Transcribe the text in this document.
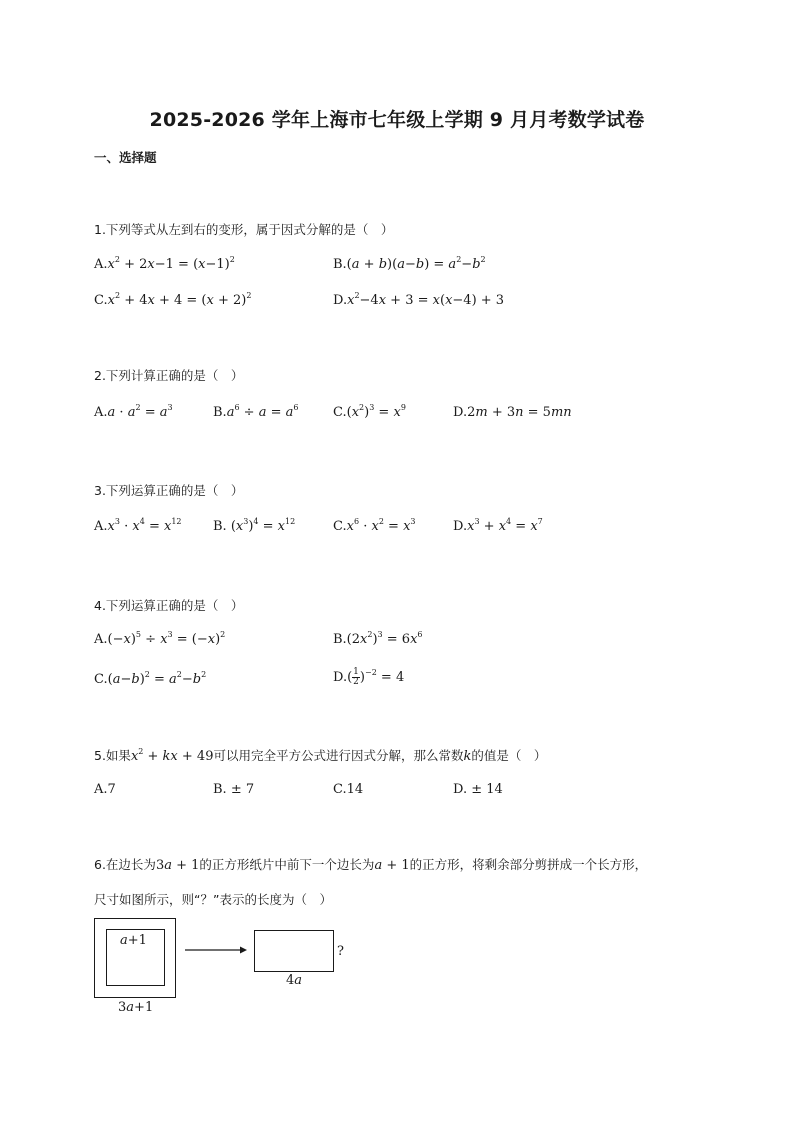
2025-2026 学年上海市七年级上学期 9 月月考数学试卷
一、选择题
1.下列等式从左到右的变形，属于因式分解的是（　）
$A.x^2 + 2x-1 = (x-1)^2$	$B.(a + b)(a-b) = a^2-b^2$
$C.x^2 + 4x + 4 = (x + 2)^2$	$D.x^2-4x + 3 = x(x-4) + 3$
2.下列计算正确的是（　）
$A.a \cdot a^2 = a^3$	$B.a^6 \div a = a^6$	$C.(x^2)^3 = x^9$	D.2m + 3n = 5mn
3.下列运算正确的是（　）
$A.x^3 \cdot x^4 = x^{12}$ B. $(x^3)^4 = x^{12}$	$C.x^6 \cdot x^2 = x^3$	$D.x^3 + x^4 = x^7$
4.下列运算正确的是（　）
$A.(-x)^5 \div x^3 = (-x)^2$	$B.(2x^2)^3 = 6x^6$
$C.(a-b)^2 = a^2-b^2$	$D.( \frac{1}{2} )^{-2} = 4$
5.如果$x^2$ + kx + 49可以用完全平方公式进行因式分解，那么常数k的值是（　）
A.7	B. ± 7	C.14	D. ± 14
6.在边长为3a + 1的正方形纸片中前下一个边长为a + 1的正方形，将剩余部分剪拼成一个长方形，
尺寸如图所示，则“？”表示的长度为（　）
a+1
3a+1
4a
?
